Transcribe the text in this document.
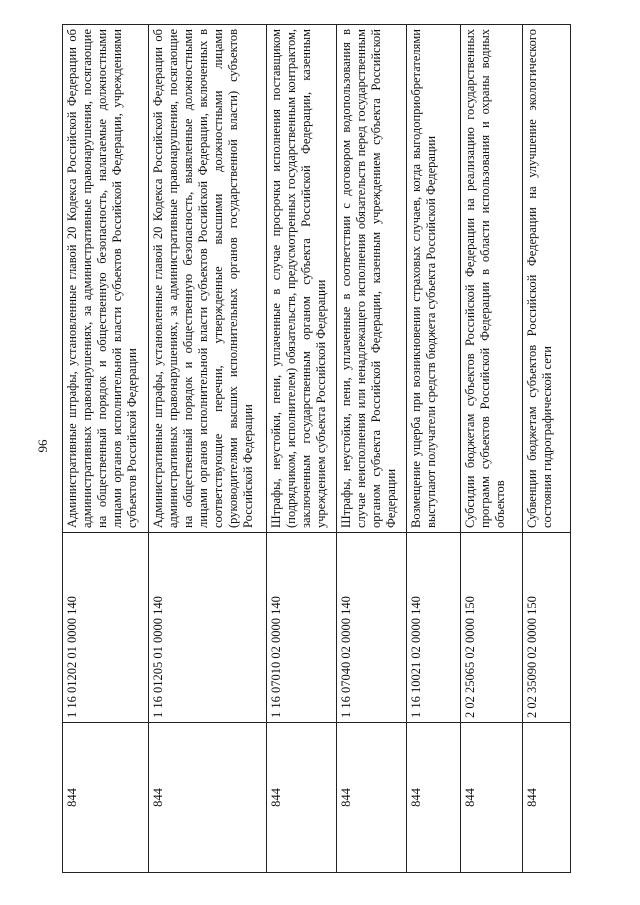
96
844	1 16 01202 01 0000 140	Административные штрафы, установленные главой 20 Кодекса Российской Федерации об административных правонарушениях, за административные правонарушения, посягающие на общественный порядок и общественную безопасность, налагаемые должностными лицами органов исполнительной власти субъектов Российской Федерации, учреждениями субъектов Российской Федерации
844	1 16 01205 01 0000 140	Административные штрафы, установленные главой 20 Кодекса Российской Федерации об административных правонарушениях, за административные правонарушения, посягающие на общественный порядок и общественную безопасность, выявленные должностными лицами органов исполнительной власти субъектов Российской Федерации, включенных в соответствующие перечни, утвержденные высшими должностными лицами (руководителями высших исполнительных органов государственной власти) субъектов Российской Федерации
844	1 16 07010 02 0000 140	Штрафы, неустойки, пени, уплаченные в случае просрочки исполнения поставщиком (подрядчиком, исполнителем) обязательств, предусмотренных государственным контрактом, заключенным государственным органом субъекта Российской Федерации, казенным учреждением субъекта Российской Федерации
844	1 16 07040 02 0000 140	Штрафы, неустойки, пени, уплаченные в соответствии с договором водопользования в случае неисполнения или ненадлежащего исполнения обязательств перед государственным органом субъекта Российской Федерации, казенным учреждением субъекта Российской Федерации
844	1 16 10021 02 0000 140	Возмещение ущерба при возникновении страховых случаев, когда выгодоприобретателями выступают получатели средств бюджета субъекта Российской Федерации
844	2 02 25065 02 0000 150	Субсидии бюджетам субъектов Российской Федерации на реализацию государственных программ субъектов Российской Федерации в области использования и охраны водных объектов
844	2 02 35090 02 0000 150	Субвенции бюджетам субъектов Российской Федерации на улучшение экологического состояния гидрографической сети
